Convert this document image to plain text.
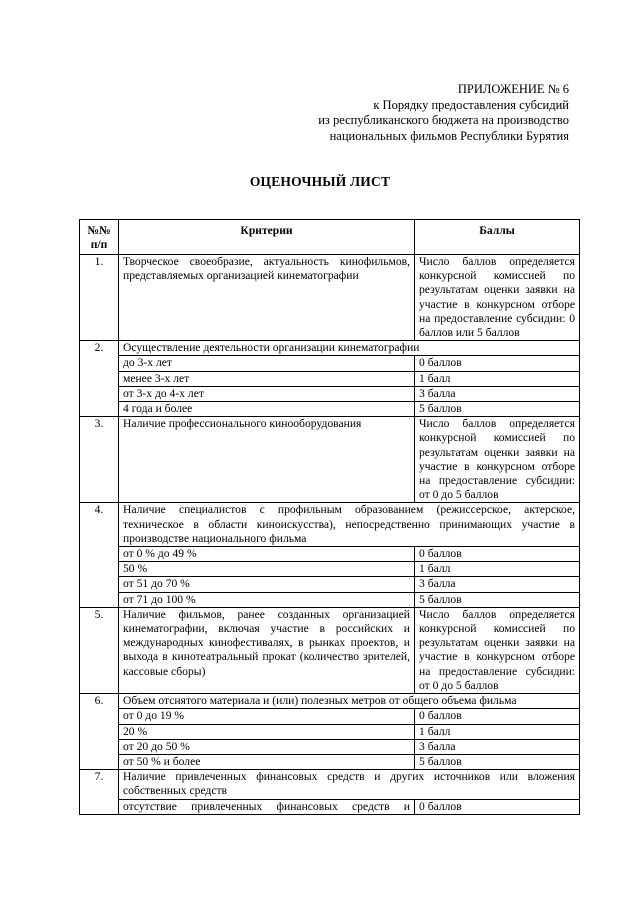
ПРИЛОЖЕНИЕ № 6
к Порядку предоставления субсидий
из республиканского бюджета на производство
национальных фильмов Республики Бурятия
ОЦЕНОЧНЫЙ ЛИСТ
№№
п/п	Критерии	Баллы
1.	Творческое своеобразие, актуальность кинофильмов, представляемых организацией кинематографии	Число баллов определяется конкурсной комиссией по результатам оценки заявки на участие в конкурсном отборе на предоставление субсидии: 0 баллов или 5 баллов
2.	Осуществление деятельности организации кинематографии	
	до 3-х лет	0 баллов
	менее 3-х лет	1 балл
	от 3-х до 4-х лет	3 балла
	4 года и более	5 баллов
3.	Наличие профессионального кинооборудования	Число баллов определяется конкурсной комиссией по результатам оценки заявки на участие в конкурсном отборе на предоставление субсидии: от 0 до 5 баллов
4.	Наличие специалистов с профильным образованием (режиссерское, актерское, техническое в области киноискусства), непосредственно принимающих участие в производстве национального фильма	
	от 0 % до 49 %	0 баллов
	50 %	1 балл
	от 51 до 70 %	3 балла
	от 71 до 100 %	5 баллов
5.	Наличие фильмов, ранее созданных организацией кинематографии, включая участие в российских и международных кинофестивалях, в рынках проектов, и выхода в кинотеатральный прокат (количество зрителей, кассовые сборы)	Число баллов определяется конкурсной комиссией по результатам оценки заявки на участие в конкурсном отборе на предоставление субсидии: от 0 до 5 баллов
6.	Объем отснятого материала и (или) полезных метров от общего объема фильма	
	от 0 до 19 %	0 баллов
	20 %	1 балл
	от 20 до 50 %	3 балла
	от 50 % и более	5 баллов
7.	Наличие привлеченных финансовых средств и других источников или вложения собственных средств	
	отсутствие привлеченных финансовых средств и	0 баллов
